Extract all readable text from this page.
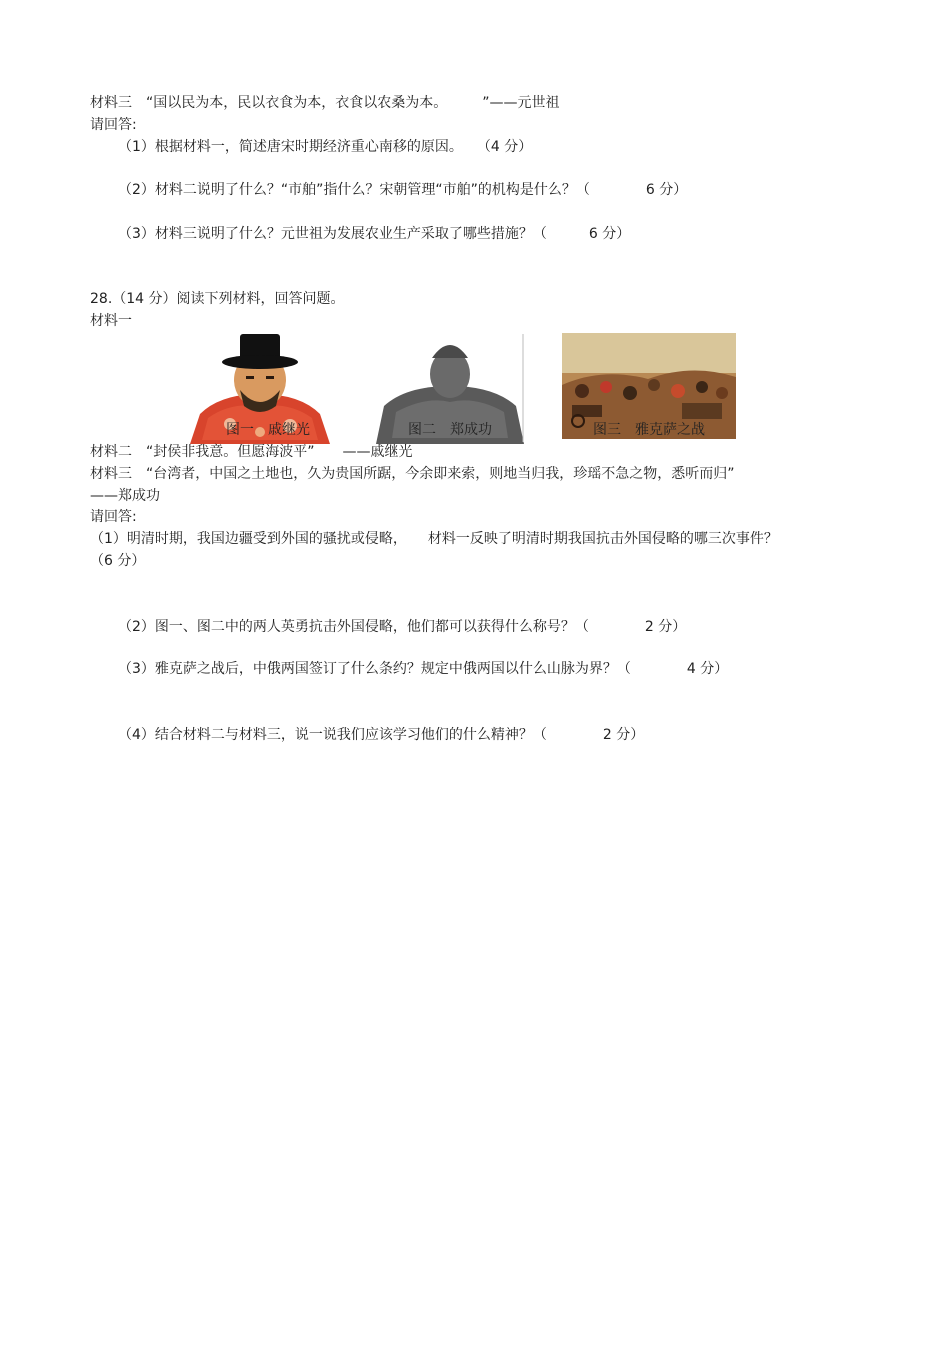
材料三　“国以民为本，民以衣食为本，衣食以农桑为本。　　　”——元世祖
请回答:
（1）根据材料一，简述唐宋时期经济重心南移的原因。　　（4 分）
（2）材料二说明了什么？“市舶”指什么？宋朝管理“市舶”的机构是什么？（　　　　6 分）
（3）材料三说明了什么？元世祖为发展农业生产采取了哪些措施？（　　　6 分）
28.（14 分）阅读下列材料，回答问题。
材料一
图一　戚继光	图二　郑成功	图三　雅克萨之战
材料二　“封侯非我意。但愿海波平”　　——戚继光
材料三　“台湾者，中国之土地也，久为贵国所踞，今余即来索，则地当归我，珍瑶不急之物，悉听而归”
——郑成功
请回答:
（1）明清时期，我国边疆受到外国的骚扰或侵略，　　材料一反映了明清时期我国抗击外国侵略的哪三次事件？
（6 分）
（2）图一、图二中的两人英勇抗击外国侵略，他们都可以获得什么称号？（　　　　2 分）
（3）雅克萨之战后，中俄两国签订了什么条约？规定中俄两国以什么山脉为界？（　　　　4 分）
（4）结合材料二与材料三，说一说我们应该学习他们的什么精神？（　　　　2 分）
